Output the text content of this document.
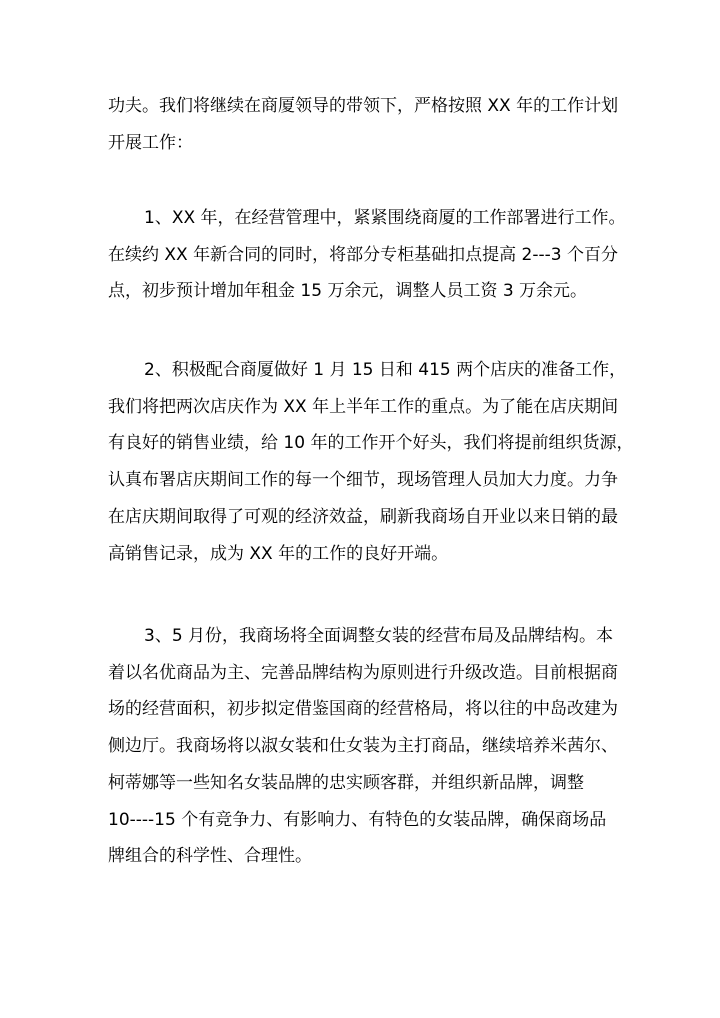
功夫。我们将继续在商厦领导的带领下，严格按照 XX 年的工作计划
开展工作：
1、XX 年，在经营管理中，紧紧围绕商厦的工作部署进行工作。
在续约 XX 年新合同的同时，将部分专柜基础扣点提高 2---3 个百分
点，初步预计增加年租金 15 万余元，调整人员工资 3 万余元。
2、积极配合商厦做好 1 月 15 日和 415 两个店庆的准备工作，
我们将把两次店庆作为 XX 年上半年工作的重点。为了能在店庆期间
有良好的销售业绩，给 10 年的工作开个好头，我们将提前组织货源，
认真布署店庆期间工作的每一个细节，现场管理人员加大力度。力争
在店庆期间取得了可观的经济效益，刷新我商场自开业以来日销的最
高销售记录，成为 XX 年的工作的良好开端。
3、5 月份，我商场将全面调整女装的经营布局及品牌结构。本
着以名优商品为主、完善品牌结构为原则进行升级改造。目前根据商
场的经营面积，初步拟定借鉴国商的经营格局，将以往的中岛改建为
侧边厅。我商场将以淑女装和仕女装为主打商品，继续培养米茜尔、
柯蒂娜等一些知名女装品牌的忠实顾客群，并组织新品牌，调整
10----15 个有竞争力、有影响力、有特色的女装品牌，确保商场品
牌组合的科学性、合理性。
